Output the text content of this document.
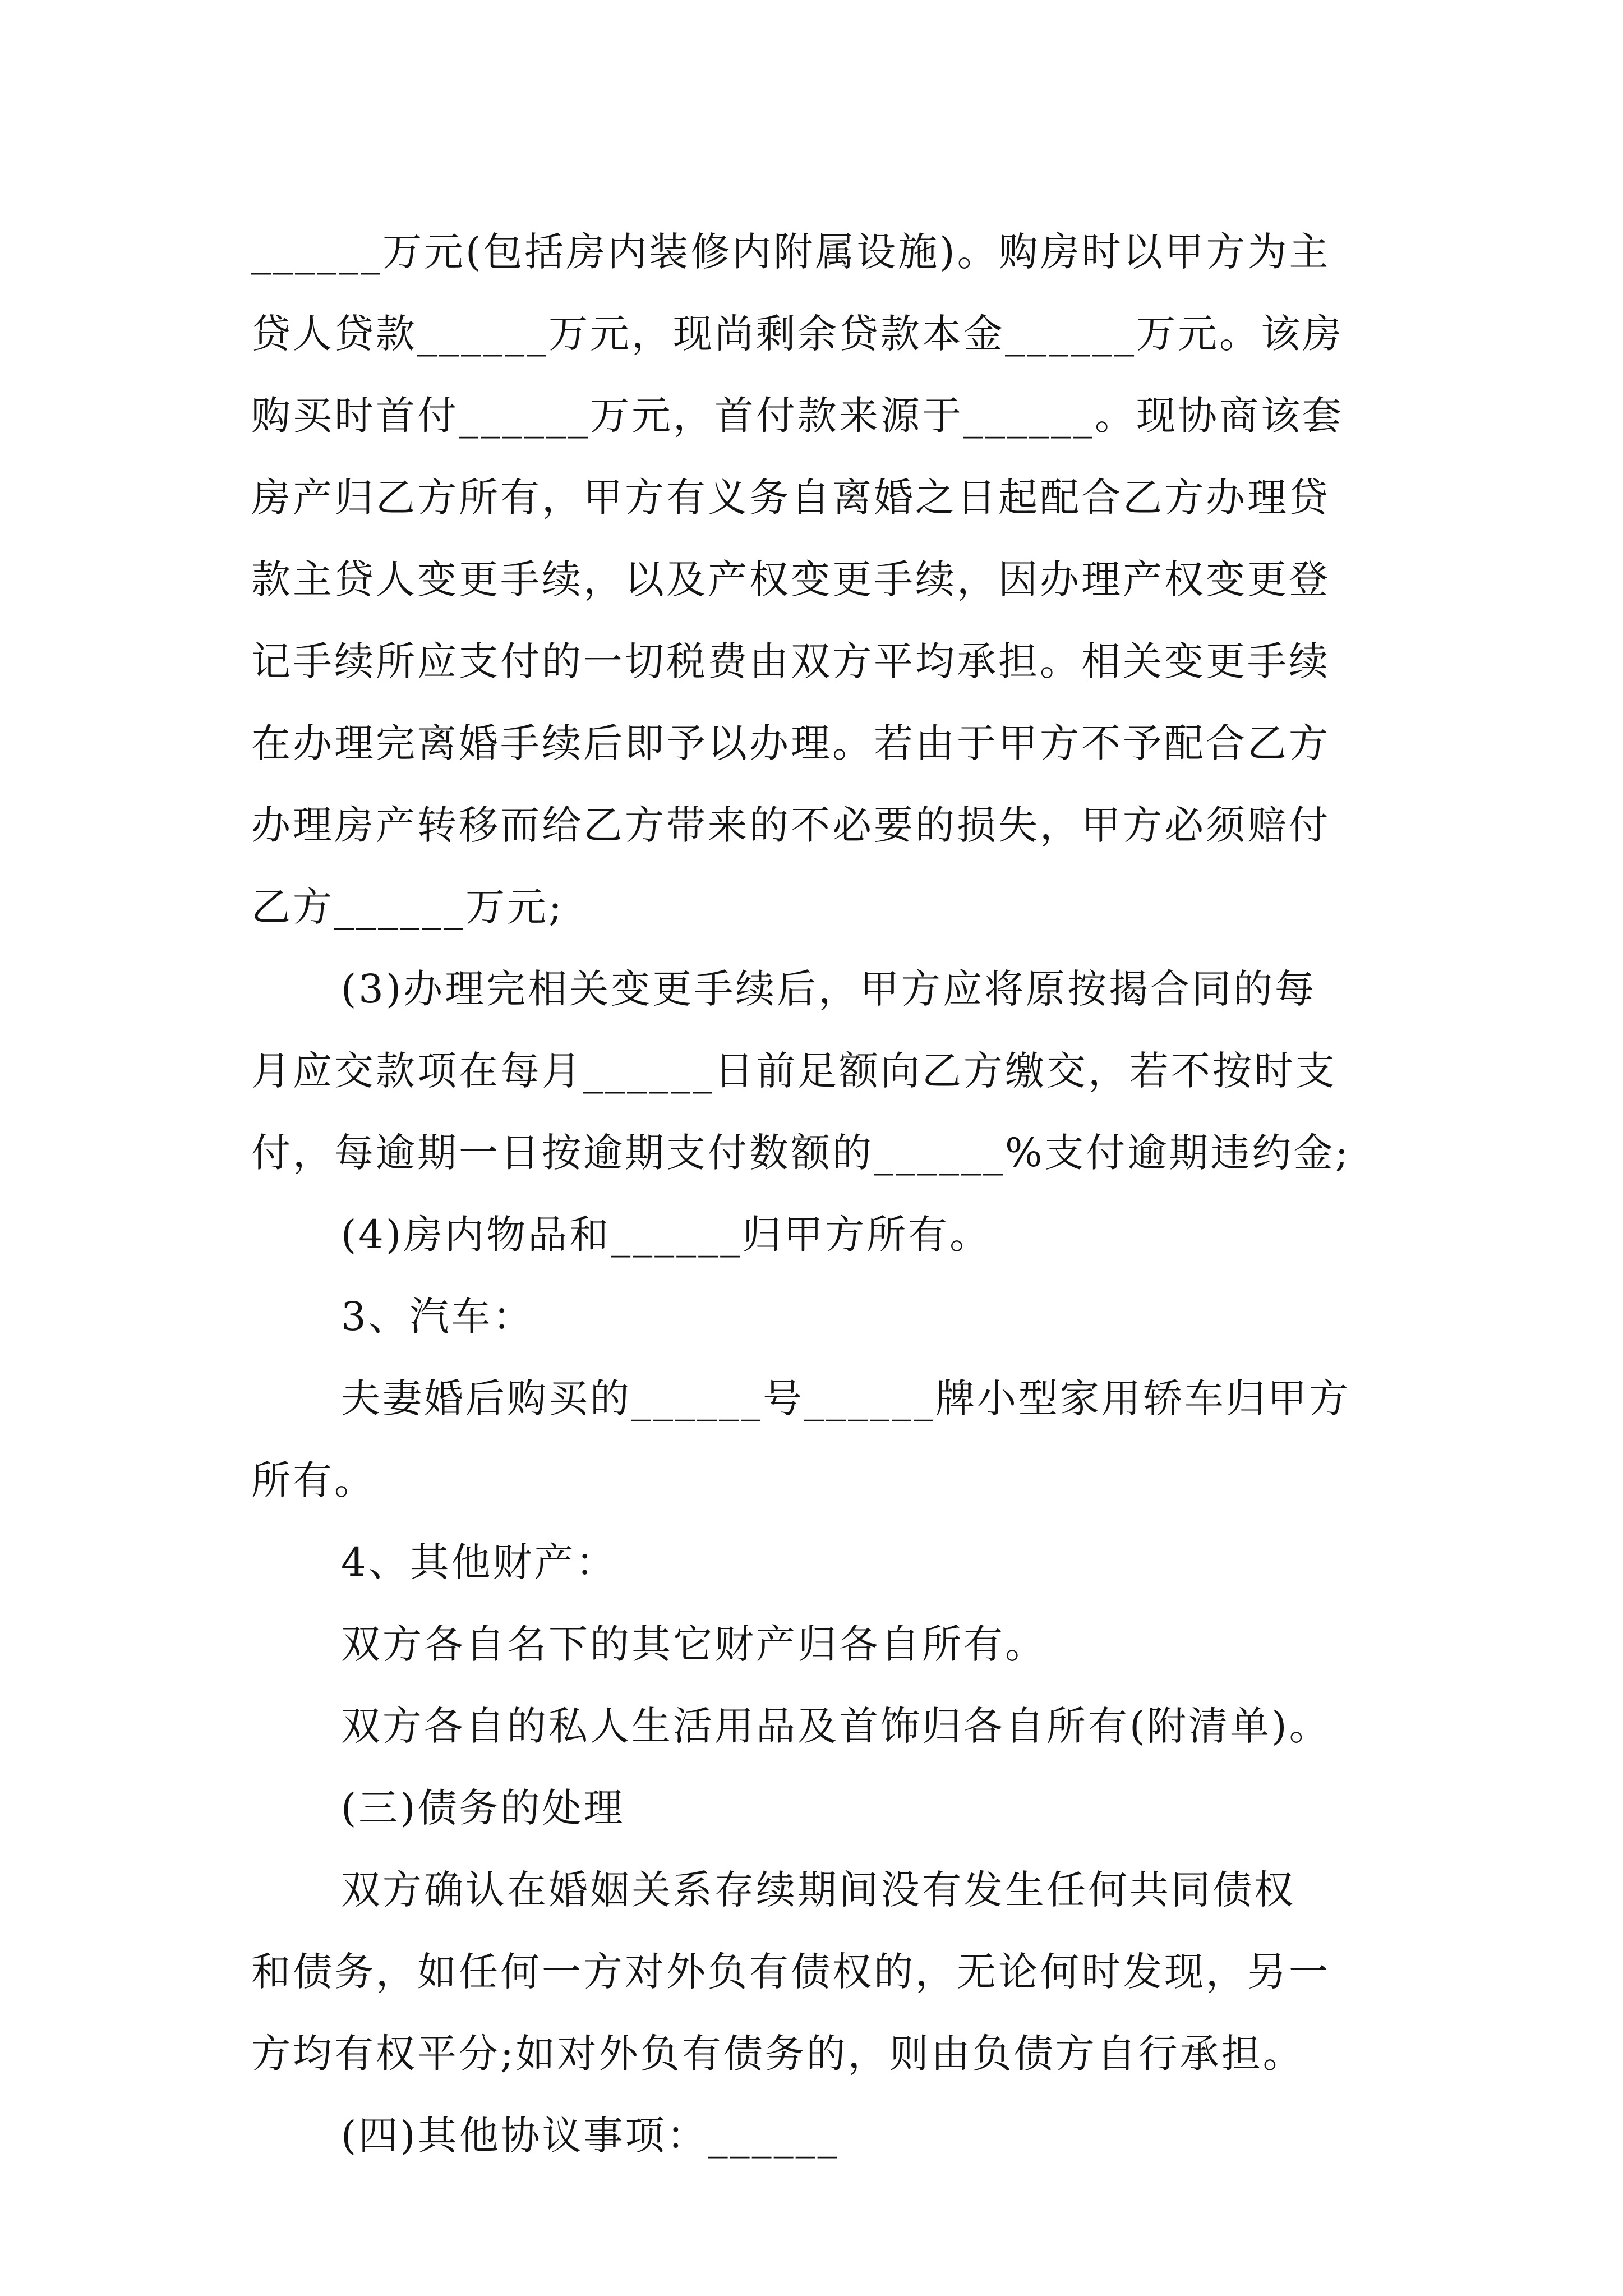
______万元(包括房内装修内附属设施)。购房时以甲方为主
贷人贷款______万元，现尚剩余贷款本金______万元。该房
购买时首付______万元，首付款来源于______。现协商该套
房产归乙方所有，甲方有义务自离婚之日起配合乙方办理贷
款主贷人变更手续，以及产权变更手续，因办理产权变更登
记手续所应支付的一切税费由双方平均承担。相关变更手续
在办理完离婚手续后即予以办理。若由于甲方不予配合乙方
办理房产转移而给乙方带来的不必要的损失，甲方必须赔付
乙方______万元;
(3)办理完相关变更手续后，甲方应将原按揭合同的每
月应交款项在每月______日前足额向乙方缴交，若不按时支
付，每逾期一日按逾期支付数额的______%支付逾期违约金;
(4)房内物品和______归甲方所有。
3、汽车：
夫妻婚后购买的______号______牌小型家用轿车归甲方
所有。
4、其他财产：
双方各自名下的其它财产归各自所有。
双方各自的私人生活用品及首饰归各自所有(附清单)。
(三)债务的处理
双方确认在婚姻关系存续期间没有发生任何共同债权
和债务，如任何一方对外负有债权的，无论何时发现，另一
方均有权平分;如对外负有债务的，则由负债方自行承担。
(四)其他协议事项：______
